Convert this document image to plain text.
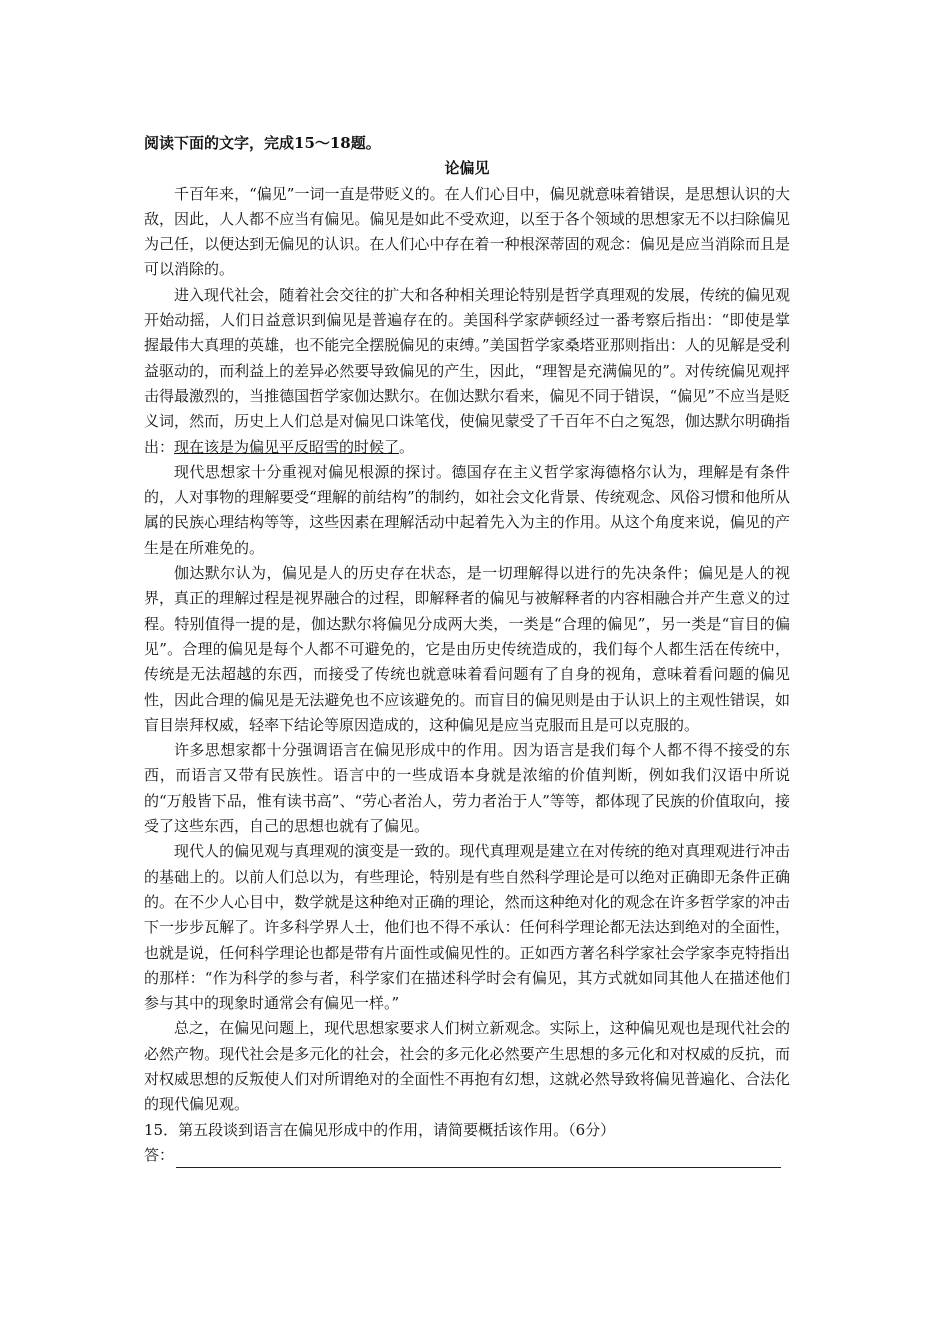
阅读下面的文字，完成15～18题。

论偏见

千百年来，“偏见”一词一直是带贬义的。在人们心目中，偏见就意味着错误，是思想认识的大敌，因此，人人都不应当有偏见。偏见是如此不受欢迎，以至于各个领域的思想家无不以扫除偏见为己任，以便达到无偏见的认识。在人们心中存在着一种根深蒂固的观念：偏见是应当消除而且是可以消除的。

进入现代社会，随着社会交往的扩大和各种相关理论特别是哲学真理观的发展，传统的偏见观开始动摇，人们日益意识到偏见是普遍存在的。美国科学家萨顿经过一番考察后指出：“即使是掌握最伟大真理的英雄，也不能完全摆脱偏见的束缚。”美国哲学家桑塔亚那则指出：人的见解是受利益驱动的，而利益上的差异必然要导致偏见的产生，因此，“理智是充满偏见的”。对传统偏见观抨击得最激烈的，当推德国哲学家伽达默尔。在伽达默尔看来，偏见不同于错误，“偏见”不应当是贬义词，然而，历史上人们总是对偏见口诛笔伐，使偏见蒙受了千百年不白之冤怨，伽达默尔明确指出：现在该是为偏见平反昭雪的时候了。

现代思想家十分重视对偏见根源的探讨。德国存在主义哲学家海德格尔认为，理解是有条件的，人对事物的理解要受“理解的前结构”的制约，如社会文化背景、传统观念、风俗习惯和他所从属的民族心理结构等等，这些因素在理解活动中起着先入为主的作用。从这个角度来说，偏见的产生是在所难免的。

伽达默尔认为，偏见是人的历史存在状态，是一切理解得以进行的先决条件；偏见是人的视界，真正的理解过程是视界融合的过程，即解释者的偏见与被解释者的内容相融合并产生意义的过程。特别值得一提的是，伽达默尔将偏见分成两大类，一类是“合理的偏见”，另一类是“盲目的偏见”。合理的偏见是每个人都不可避免的，它是由历史传统造成的，我们每个人都生活在传统中，传统是无法超越的东西，而接受了传统也就意味着看问题有了自身的视角，意味着看问题的偏见性，因此合理的偏见是无法避免也不应该避免的。而盲目的偏见则是由于认识上的主观性错误，如盲目崇拜权威，轻率下结论等原因造成的，这种偏见是应当克服而且是可以克服的。

许多思想家都十分强调语言在偏见形成中的作用。因为语言是我们每个人都不得不接受的东西，而语言又带有民族性。语言中的一些成语本身就是浓缩的价值判断，例如我们汉语中所说的“万般皆下品，惟有读书高”、“劳心者治人，劳力者治于人”等等，都体现了民族的价值取向，接受了这些东西，自己的思想也就有了偏见。

现代人的偏见观与真理观的演变是一致的。现代真理观是建立在对传统的绝对真理观进行冲击的基础上的。以前人们总以为，有些理论，特别是有些自然科学理论是可以绝对正确即无条件正确的。在不少人心目中，数学就是这种绝对正确的理论，然而这种绝对化的观念在许多哲学家的冲击下一步步瓦解了。许多科学界人士，他们也不得不承认：任何科学理论都无法达到绝对的全面性，也就是说，任何科学理论也都是带有片面性或偏见性的。正如西方著名科学家社会学家李克特指出的那样：“作为科学的参与者，科学家们在描述科学时会有偏见，其方式就如同其他人在描述他们参与其中的现象时通常会有偏见一样。”

总之，在偏见问题上，现代思想家要求人们树立新观念。实际上，这种偏见观也是现代社会的必然产物。现代社会是多元化的社会，社会的多元化必然要产生思想的多元化和对权威的反抗，而对权威思想的反叛使人们对所谓绝对的全面性不再抱有幻想，这就必然导致将偏见普遍化、合法化的现代偏见观。

15．第五段谈到语言在偏见形成中的作用，请简要概括该作用。（6分）

答：
